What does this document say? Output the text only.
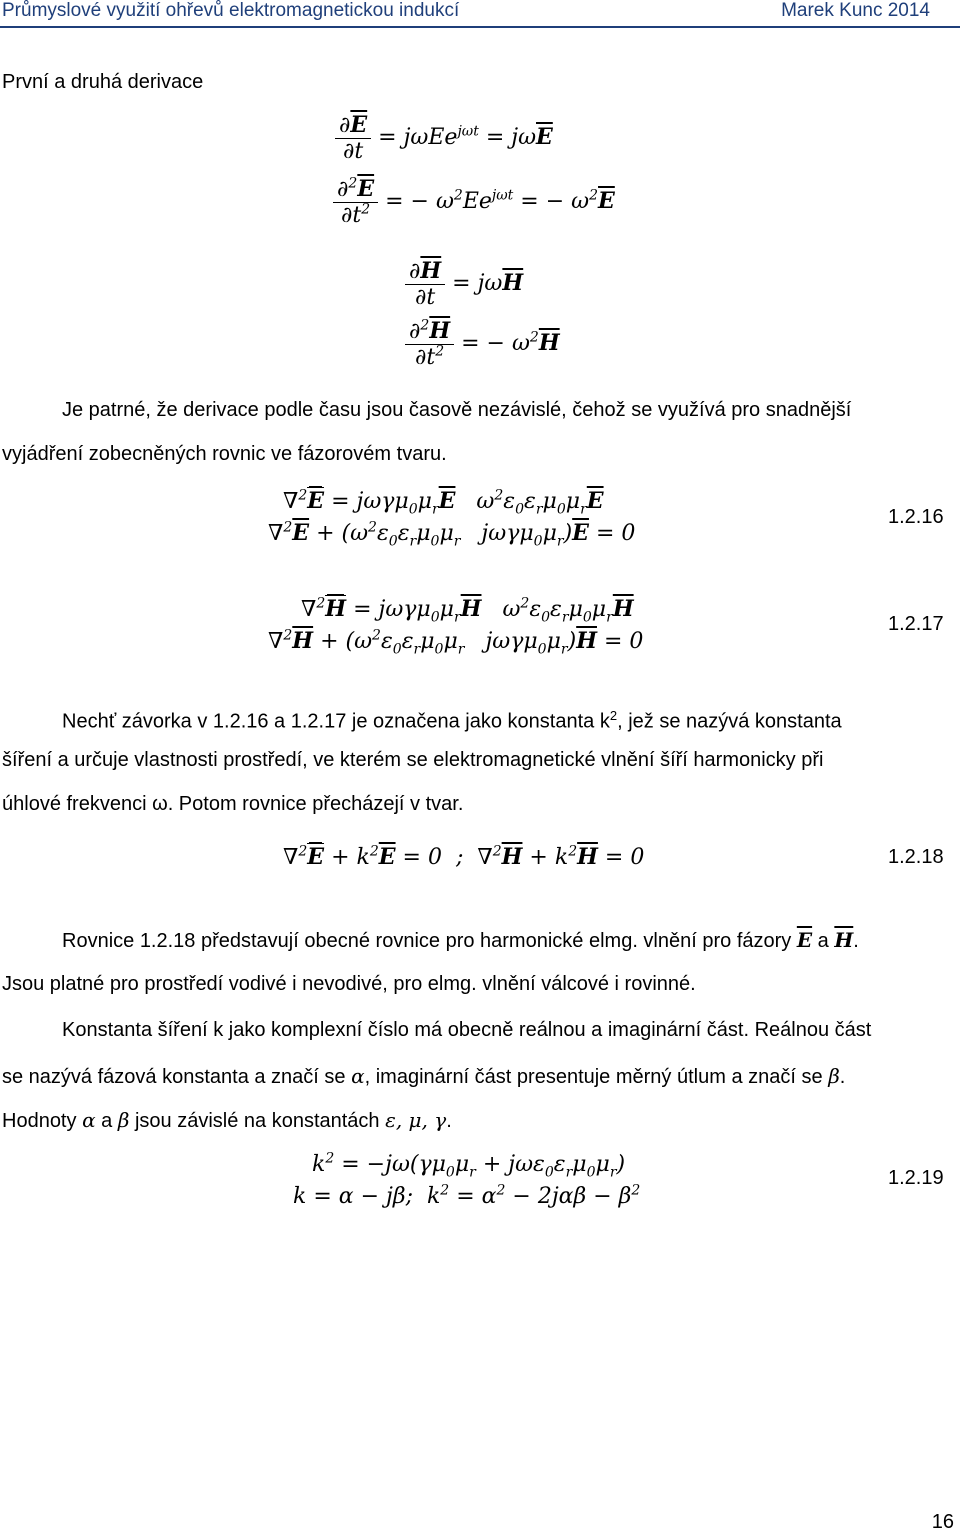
Průmyslové využití ohřevů elektromagnetickou indukcí	Marek Kunc 2014
První a druhá derivace
$\frac{\partial\overline{E}}{\partial t} = j\omega Ee^{j\omega t} = j\omega\overline{E}$
$\frac{\partial^2\overline{E}}{\partial t^2}$ = − $\omega^2Ee^{j\omega t}$ = − $\omega^2\overline{E}$
$\frac{\partial\overline{H}}{\partial t} = j\omega\overline{H}$
$\frac{\partial^2\overline{H}}{\partial t^2}$ = − $\omega^2\overline{H}$
Je patrné, že derivace podle času jsou časově nezávislé, čehož se využívá pro snadnější
vyjádření zobecněných rovnic ve fázorovém tvaru.
$\nabla^2E = j\omega\gamma\mu_0\mu_r\overline{E}$   $\omega^2\varepsilon_0\varepsilon_r\mu_0\mu_r\overline{E}$
$\nabla^2\overline{E} + (\omega^2\varepsilon_0\varepsilon_r\mu_0\mu_r$   $j\omega\gamma\mu_0\mu_r)\overline{E} = 0$
1.2.16
$\nabla^2H = j\omega\gamma\mu_0\mu_r\overline{H}$   $\omega^2\varepsilon_0\varepsilon_r\mu_0\mu_r\overline{H}$
$\nabla^2\overline{H} + (\omega^2\varepsilon_0\varepsilon_r\mu_0\mu_r$   $j\omega\gamma\mu_0\mu_r)\overline{H} = 0$
1.2.17
Nechť závorka v 1.2.16 a 1.2.17 je označena jako konstanta $k^2$, jež se nazývá konstanta
šíření a určuje vlastnosti prostředí, ve kterém se elektromagnetické vlnění šíří harmonicky při
úhlové frekvenci ω. Potom rovnice přecházejí v tvar.
$\nabla^2E + k^2\overline{E} = 0$  ;  $\nabla^2\overline{H} + k^2\overline{H} = 0$	1.2.18
Rovnice 1.2.18 představují obecné rovnice pro harmonické elmg. vlnění pro fázory $\overline{E}$ a $\overline{H}$.
Jsou platné pro prostředí vodivé i nevodivé, pro elmg. vlnění válcové i rovinné.
Konstanta šíření k jako komplexní číslo má obecně reálnou a imaginární část. Reálnou část
se nazývá fázová konstanta a značí se α, imaginární část presentuje měrný útlum a značí se β.
Hodnoty α a β jsou závislé na konstantách ε, μ, γ.
$k^2 = -j\omega(\gamma\mu_0\mu_r + j\omega\varepsilon_0\varepsilon_r\mu_0\mu_r)$
k = α − jβ;  $k^2 = \alpha^2 - 2j\alpha\beta - \beta^2$
1.2.19
16
